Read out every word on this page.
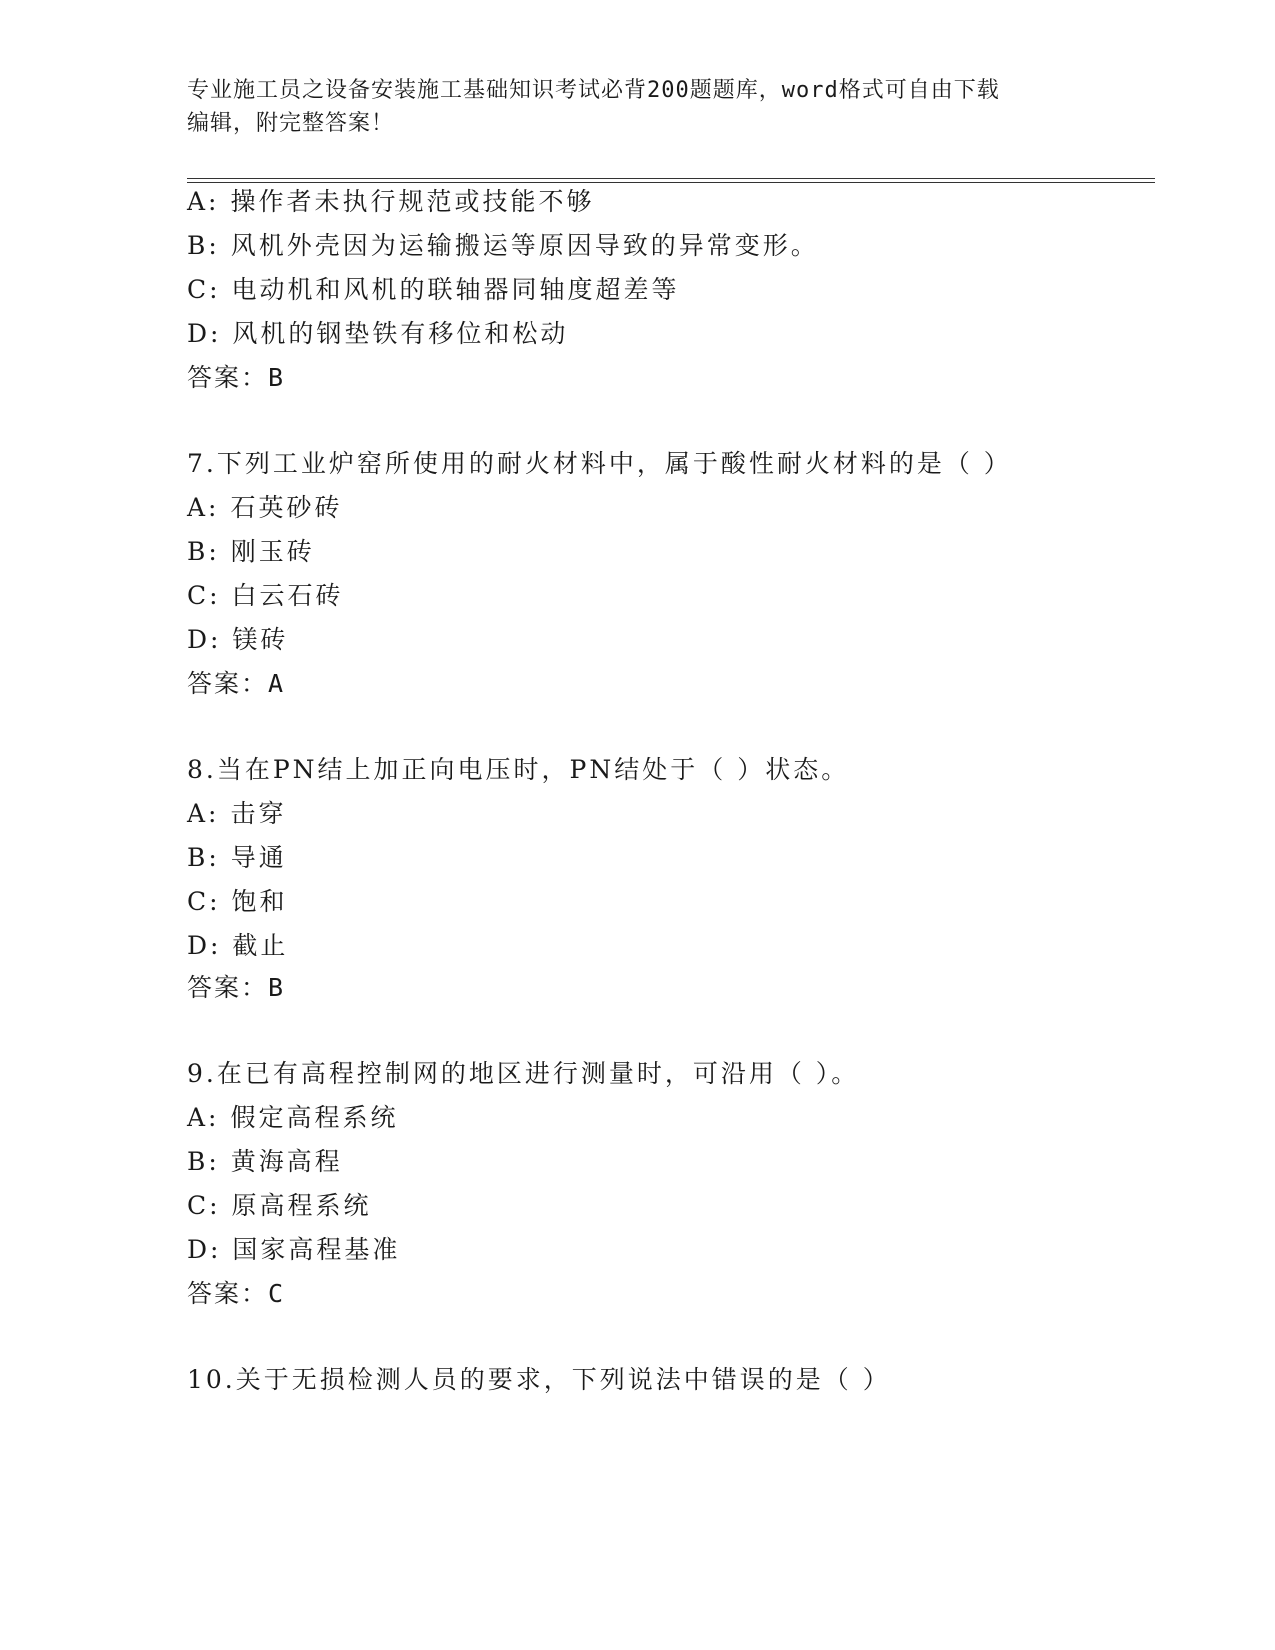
专业施工员之设备安装施工基础知识考试必背200题题库，word格式可自由下载
编辑，附完整答案！
A: 操作者未执行规范或技能不够
B: 风机外壳因为运输搬运等原因导致的异常变形。
C: 电动机和风机的联轴器同轴度超差等
D: 风机的钢垫铁有移位和松动
答案：B
7.下列工业炉窑所使用的耐火材料中，属于酸性耐火材料的是（ ）
A: 石英砂砖
B: 刚玉砖
C: 白云石砖
D: 镁砖
答案：A
8.当在PN结上加正向电压时，PN结处于（ ）状态。
A: 击穿
B: 导通
C: 饱和
D: 截止
答案：B
9.在已有高程控制网的地区进行测量时，可沿用（ ）。
A: 假定高程系统
B: 黄海高程
C: 原高程系统
D: 国家高程基准
答案：C
10.关于无损检测人员的要求，下列说法中错误的是（ ）
